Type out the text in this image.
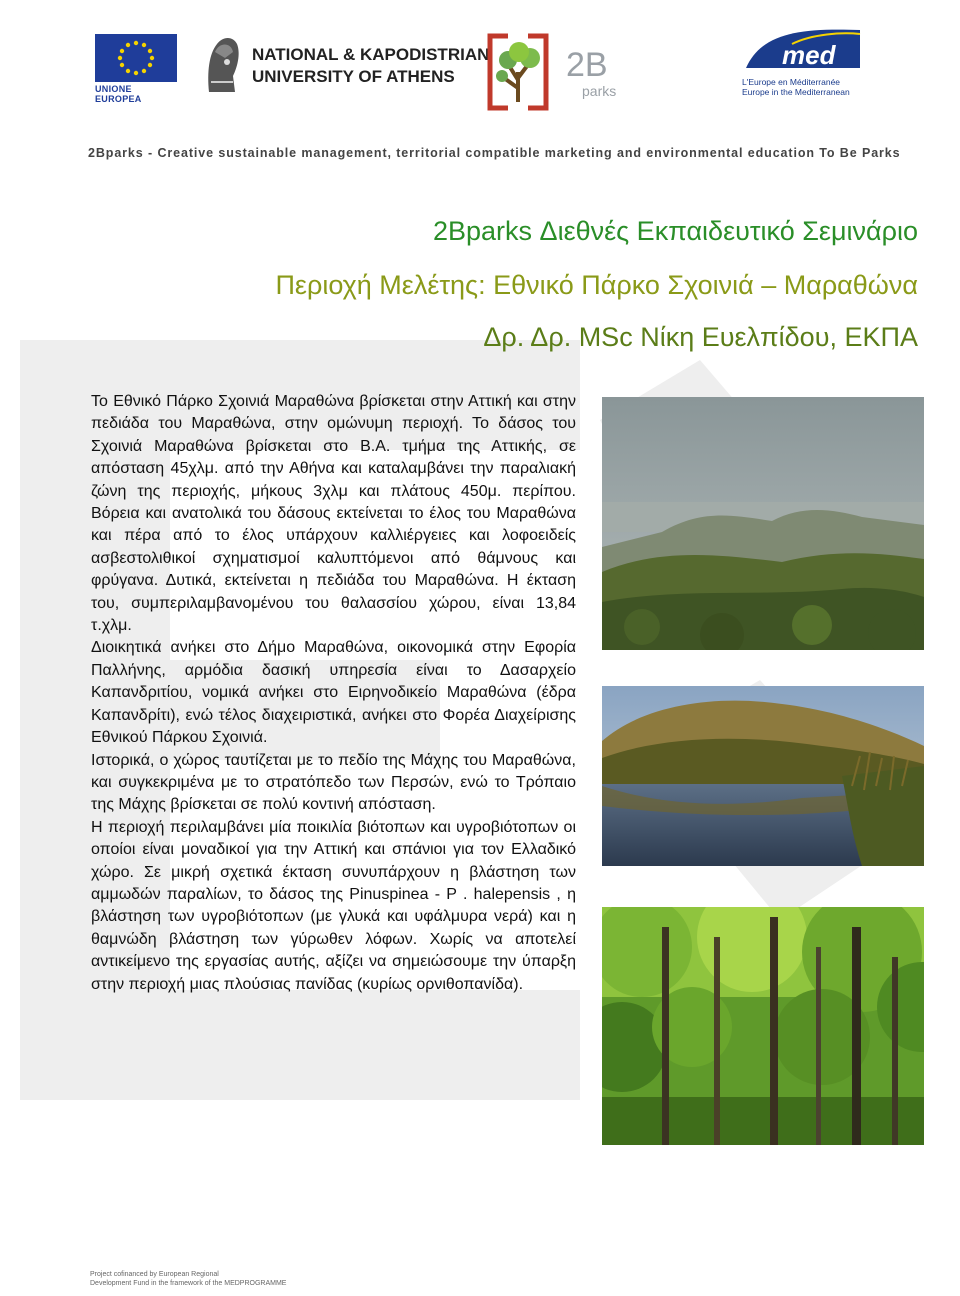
UNIONE EUROPEA
NATIONAL & KAPODISTRIAN
UNIVERSITY OF ATHENS	2B
parks
med
L'Europe en Méditerranée
Europe in the Mediterranean
2Bparks - Creative sustainable management, territorial compatible marketing and environmental education To Be Parks
2Bparks Διεθνές Εκπαιδευτικό Σεμινάριο
Περιοχή Μελέτης: Εθνικό Πάρκο Σχοινιά – Μαραθώνα
Δρ. Δρ. MSc Νίκη Ευελπίδου, ΕΚΠΑ

Το Εθνικό Πάρκο Σχοινιά Μαραθώνα βρίσκεται στην Αττική και στην πεδιάδα του Μαραθώνα, στην ομώνυμη περιοχή. Το δάσος του Σχοινιά Μαραθώνα βρίσκεται στο Β.Α. τμήμα της Αττικής, σε απόσταση 45χλμ. από την Αθήνα και καταλαμβάνει την παραλιακή ζώνη της περιοχής, μήκους 3χλμ και πλάτους 450μ. περίπου. Βόρεια και ανατολικά του δάσους εκτείνεται το έλος του Μαραθώνα και πέρα από το έλος υπάρχουν καλλιέργειες και λοφοειδείς ασβεστολιθικοί σχηματισμοί καλυπτόμενοι από θάμνους και φρύγανα. Δυτικά, εκτείνεται η πεδιάδα του Μαραθώνα. Η έκταση του, συμπεριλαμβανομένου του θαλασσίου χώρου, είναι 13,84 τ.χλμ.

Διοικητικά ανήκει στο Δήμο Μαραθώνα, οικονομικά στην Εφορία Παλλήνης, αρμόδια δασική υπηρεσία είναι το Δασαρχείο Καπανδριτίου, νομικά ανήκει στο Ειρηνοδικείο Μαραθώνα (έδρα Καπανδρίτι), ενώ τέλος διαχειριστικά, ανήκει στο Φορέα Διαχείρισης Εθνικού Πάρκου Σχοινιά.

Ιστορικά, ο χώρος ταυτίζεται με το πεδίο της Μάχης του Μαραθώνα, και συγκεκριμένα με το στρατόπεδο των Περσών, ενώ το Τρόπαιο της Μάχης βρίσκεται σε πολύ κοντινή απόσταση.

Η περιοχή περιλαμβάνει μία ποικιλία βιότοπων και υγροβιότοπων οι οποίοι είναι μοναδικοί για την Αττική και σπάνιοι για τον Ελλαδικό χώρο. Σε μικρή σχετικά έκταση συνυπάρχουν η βλάστηση των αμμωδών παραλίων, το δάσος της Pinuspinea - P . halepensis , η βλάστηση των υγροβιότοπων (με γλυκά και υφάλμυρα νερά) και η θαμνώδη βλάστηση των γύρωθεν λόφων. Χωρίς να αποτελεί αντικείμενο της εργασίας αυτής, αξίζει να σημειώσουμε την ύπαρξη στην περιοχή μιας πλούσιας πανίδας (κυρίως ορνιθοπανίδα).

Project cofinanced by European Regional
Development Fund in the framework of the MEDPROGRAMME
